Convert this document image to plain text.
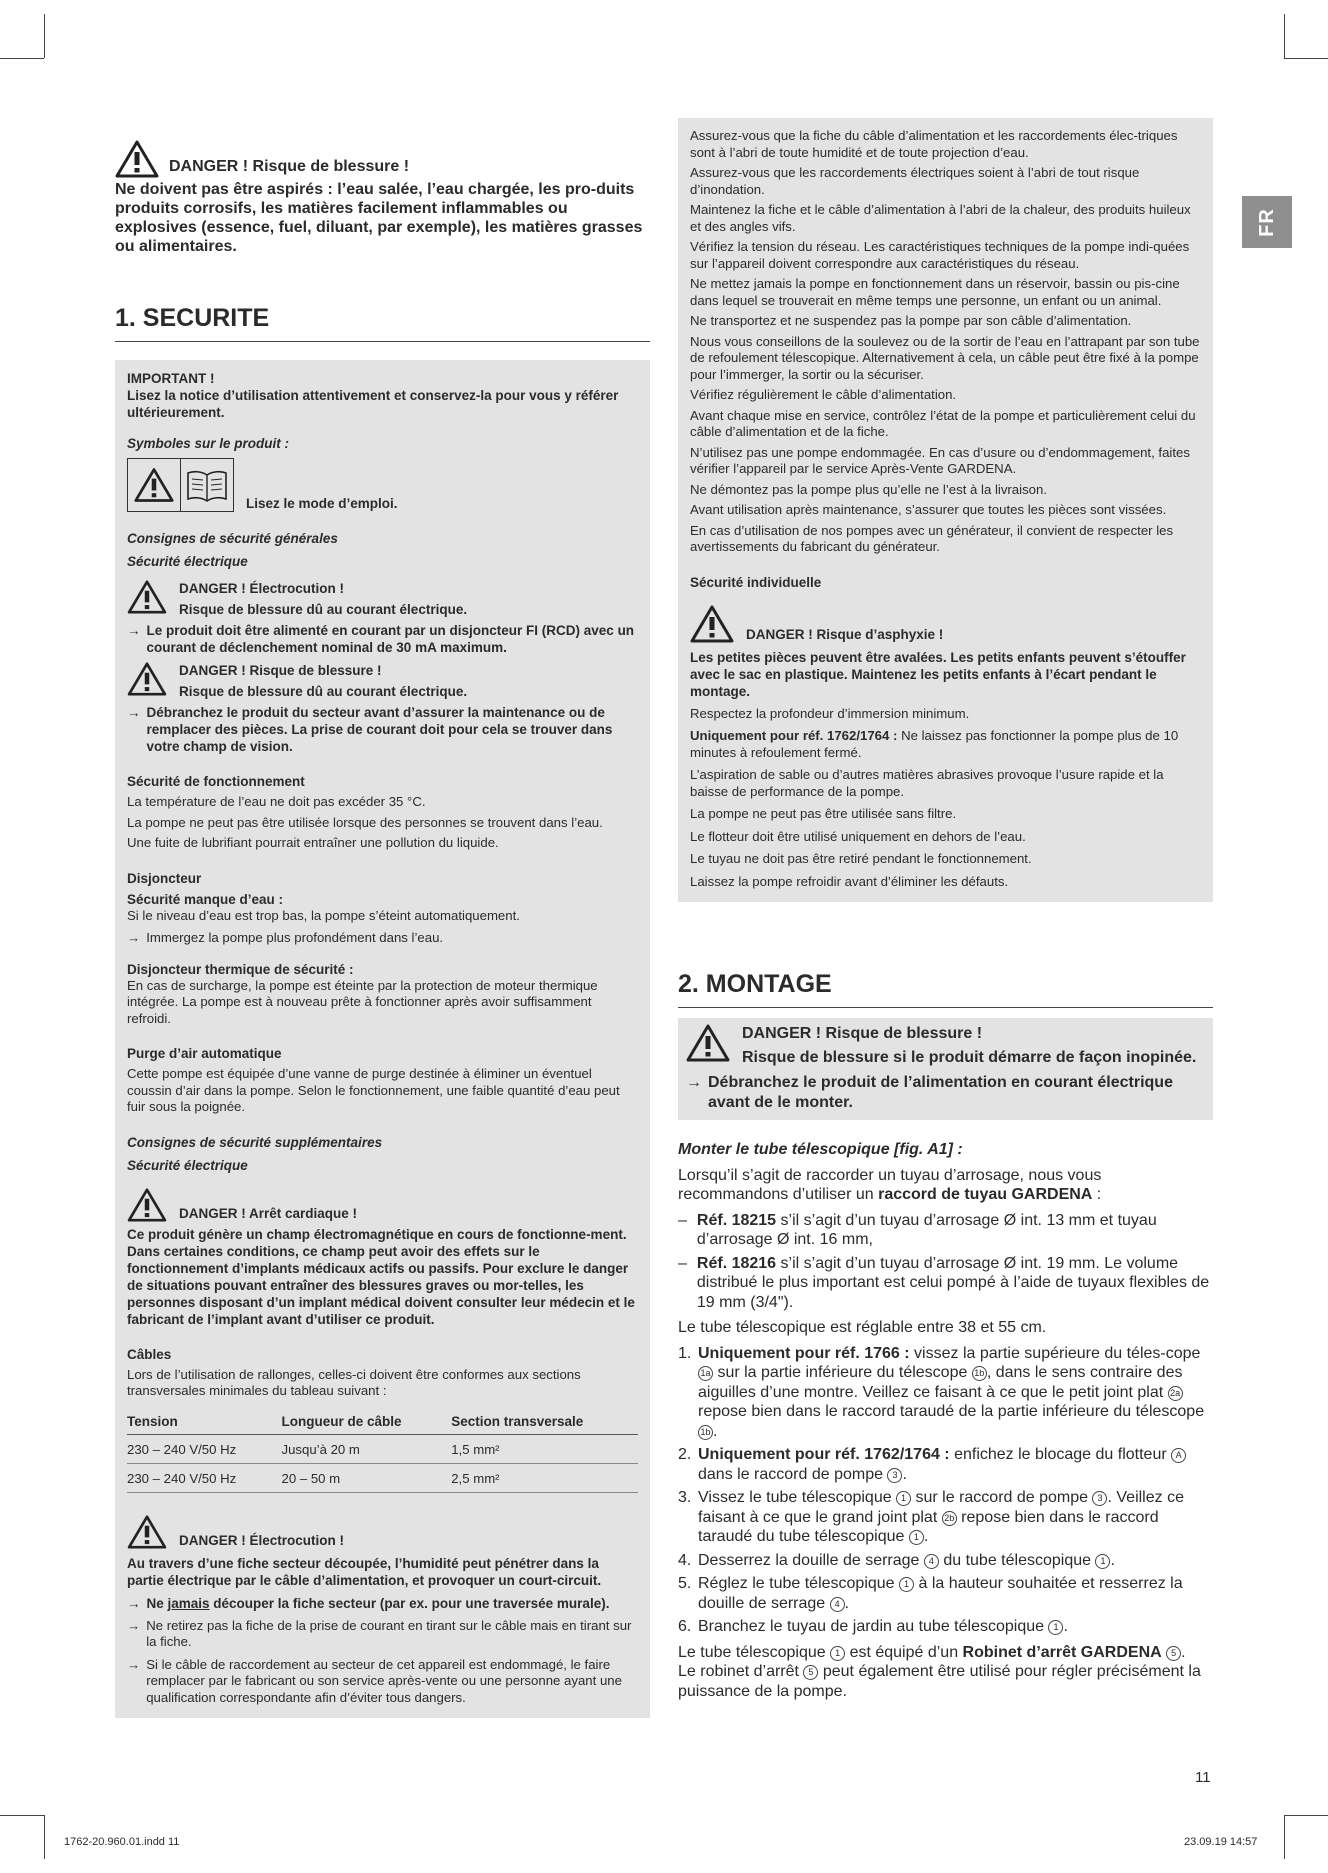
FR
DANGER ! Risque de blessure !

Ne doivent pas être aspirés : l’eau salée, l’eau chargée, les pro-duits produits corrosifs, les matières facilement inflammables ou explosives (essence, fuel, diluant, par exemple), les matières grasses ou alimentaires.

1. SECURITE

IMPORTANT !

Lisez la notice d’utilisation attentivement et conservez-la pour vous y référer ultérieurement.

Symboles sur le produit :

Lisez le mode d’emploi.

Consignes de sécurité générales

Sécurité électrique

DANGER ! Électrocution !

Risque de blessure dû au courant électrique.

→ Le produit doit être alimenté en courant par un disjoncteur FI (RCD) avec un courant de déclenchement nominal de 30 mA maximum.

DANGER ! Risque de blessure !

Risque de blessure dû au courant électrique.

→ Débranchez le produit du secteur avant d’assurer la maintenance ou de remplacer des pièces. La prise de courant doit pour cela se trouver dans votre champ de vision.

Sécurité de fonctionnement

La température de l’eau ne doit pas excéder 35 °C.

La pompe ne peut pas être utilisée lorsque des personnes se trouvent dans l’eau.

Une fuite de lubrifiant pourrait entraîner une pollution du liquide.

Disjoncteur

Sécurité manque d’eau :

Si le niveau d’eau est trop bas, la pompe s’éteint automatiquement.

→ Immergez la pompe plus profondément dans l’eau.

Disjoncteur thermique de sécurité :

En cas de surcharge, la pompe est éteinte par la protection de moteur thermique intégrée. La pompe est à nouveau prête à fonctionner après avoir suffisamment refroidi.

Purge d’air automatique

Cette pompe est équipée d’une vanne de purge destinée à éliminer un éventuel coussin d’air dans la pompe. Selon le fonctionnement, une faible quantité d’eau peut fuir sous la poignée.

Consignes de sécurité supplémentaires

Sécurité électrique

DANGER ! Arrêt cardiaque !

Ce produit génère un champ électromagnétique en cours de fonctionne-ment. Dans certaines conditions, ce champ peut avoir des effets sur le fonctionnement d’implants médicaux actifs ou passifs. Pour exclure le danger de situations pouvant entraîner des blessures graves ou mor-telles, les personnes disposant d’un implant médical doivent consulter leur médecin et le fabricant de l’implant avant d’utiliser ce produit.

Câbles

Lors de l’utilisation de rallonges, celles-ci doivent être conformes aux sections transversales minimales du tableau suivant :

Tension	Longueur de câble	Section transversale
230 – 240 V/50 Hz	Jusqu’à 20 m	1,5 mm²
230 – 240 V/50 Hz	20 – 50 m	2,5 mm²

DANGER ! Électrocution !

Au travers d’une fiche secteur découpée, l’humidité peut pénétrer dans la partie électrique par le câble d’alimentation, et provoquer un court-circuit.

→ Ne jamais découper la fiche secteur (par ex. pour une traversée murale).
→ Ne retirez pas la fiche de la prise de courant en tirant sur le câble mais en tirant sur la fiche.
→ Si le câble de raccordement au secteur de cet appareil est endommagé, le faire remplacer par le fabricant ou son service après-vente ou une personne ayant une qualification correspondante afin d’éviter tous dangers.

Assurez-vous que la fiche du câble d’alimentation et les raccordements élec-triques sont à l’abri de toute humidité et de toute projection d’eau.

Assurez-vous que les raccordements électriques soient à l’abri de tout risque d’inondation.

Maintenez la fiche et le câble d’alimentation à l’abri de la chaleur, des produits huileux et des angles vifs.

Vérifiez la tension du réseau. Les caractéristiques techniques de la pompe indi-quées sur l’appareil doivent correspondre aux caractéristiques du réseau.

Ne mettez jamais la pompe en fonctionnement dans un réservoir, bassin ou pis-cine dans lequel se trouverait en même temps une personne, un enfant ou un animal.

Ne transportez et ne suspendez pas la pompe par son câble d’alimentation.

Nous vous conseillons de la soulevez ou de la sortir de l’eau en l’attrapant par son tube de refoulement télescopique. Alternativement à cela, un câble peut être fixé à la pompe pour l’immerger, la sortir ou la sécuriser.

Vérifiez régulièrement le câble d’alimentation.

Avant chaque mise en service, contrôlez l’état de la pompe et particulièrement celui du câble d’alimentation et de la fiche.

N’utilisez pas une pompe endommagée. En cas d’usure ou d’endommagement, faites vérifier l’appareil par le service Après-Vente GARDENA.

Ne démontez pas la pompe plus qu’elle ne l’est à la livraison.

Avant utilisation après maintenance, s’assurer que toutes les pièces sont vissées.

En cas d’utilisation de nos pompes avec un générateur, il convient de respecter les avertissements du fabricant du générateur.

Sécurité individuelle

DANGER ! Risque d’asphyxie !

Les petites pièces peuvent être avalées. Les petits enfants peuvent s’étouffer avec le sac en plastique. Maintenez les petits enfants à l’écart pendant le montage.

Respectez la profondeur d’immersion minimum.

Uniquement pour réf. 1762/1764 : Ne laissez pas fonctionner la pompe plus de 10 minutes à refoulement fermé.

L’aspiration de sable ou d’autres matières abrasives provoque l’usure rapide et la baisse de performance de la pompe.

La pompe ne peut pas être utilisée sans filtre.

Le flotteur doit être utilisé uniquement en dehors de l’eau.

Le tuyau ne doit pas être retiré pendant le fonctionnement.

Laissez la pompe refroidir avant d’éliminer les défauts.

2. MONTAGE

DANGER ! Risque de blessure !

Risque de blessure si le produit démarre de façon inopinée.

→ Débranchez le produit de l’alimentation en courant électrique avant de le monter.

Monter le tube télescopique [fig. A1] :

Lorsqu’il s’agit de raccorder un tuyau d’arrosage, nous vous recommandons d’utiliser un raccord de tuyau GARDENA :

– Réf. 18215 s’il s’agit d’un tuyau d’arrosage Ø int. 13 mm et tuyau d’arrosage Ø int. 16 mm,
– Réf. 18216 s’il s’agit d’un tuyau d’arrosage Ø int. 19 mm. Le volume distribué le plus important est celui pompé à l’aide de tuyaux flexibles de 19 mm (3/4").

Le tube télescopique est réglable entre 38 et 55 cm.

1. Uniquement pour réf. 1766 : vissez la partie supérieure du téles-cope 1a sur la partie inférieure du télescope 1b , dans le sens contraire des aiguilles d’une montre. Veillez ce faisant à ce que le petit joint plat 2a repose bien dans le raccord taraudé de la partie inférieure du télescope 1b .
2. Uniquement pour réf. 1762/1764 : enfichez le blocage du flotteur A dans le raccord de pompe 3 .
3. Vissez le tube télescopique 1 sur le raccord de pompe 3 . Veillez ce faisant à ce que le grand joint plat 2b repose bien dans le raccord taraudé du tube télescopique 1 .
4. Desserrez la douille de serrage 4 du tube télescopique 1 .
5. Réglez le tube télescopique 1 à la hauteur souhaitée et resserrez la douille de serrage 4 .
6. Branchez le tuyau de jardin au tube télescopique 1 .

Le tube télescopique 1 est équipé d’un Robinet d’arrêt GARDENA 5 .
Le robinet d’arrêt 5 peut également être utilisé pour régler précisément la puissance de la pompe.

11
1762-20.960.01.indd 11	23.09.19 14:57
